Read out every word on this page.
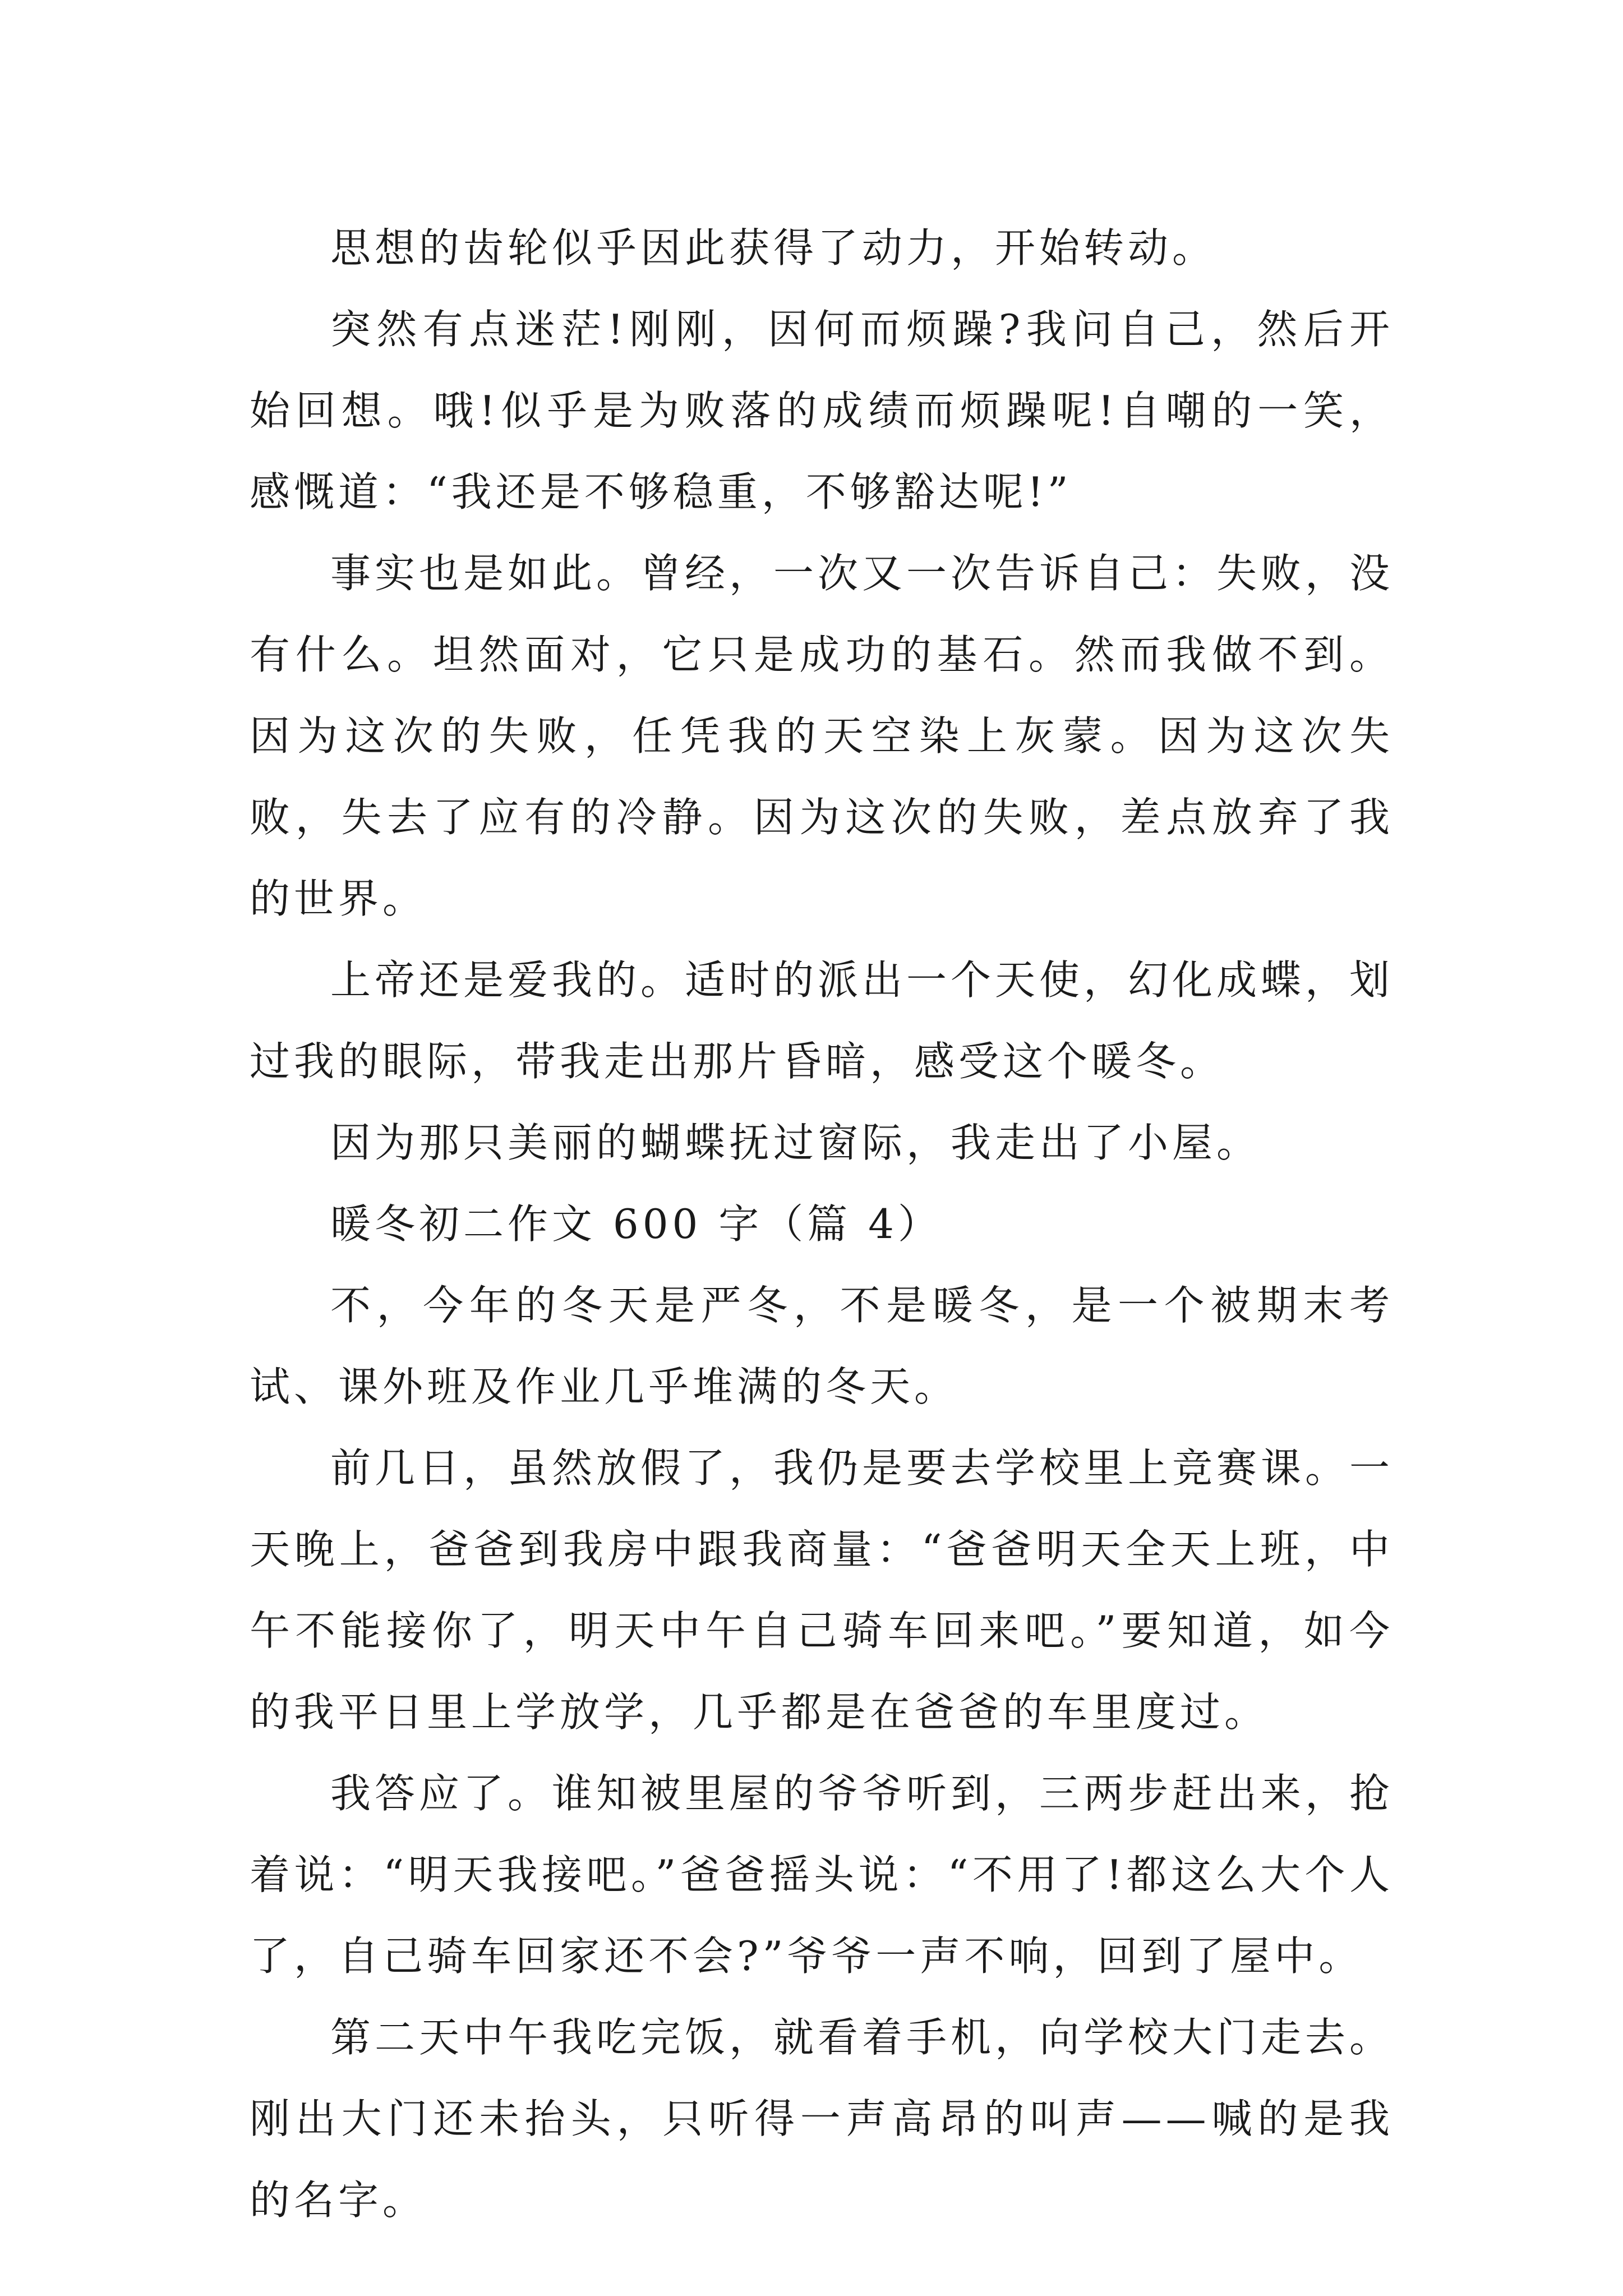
思想的齿轮似乎因此获得了动力，开始转动。

突然有点迷茫!刚刚，因何而烦躁?我问自己，然后开始回想。哦!似乎是为败落的成绩而烦躁呢!自嘲的一笑，感慨道：“我还是不够稳重，不够豁达呢!”

事实也是如此。曾经，一次又一次告诉自己：失败，没有什么。坦然面对，它只是成功的基石。然而我做不到。因为这次的失败，任凭我的天空染上灰蒙。因为这次失败，失去了应有的冷静。因为这次的失败，差点放弃了我的世界。

上帝还是爱我的。适时的派出一个天使，幻化成蝶，划过我的眼际，带我走出那片昏暗，感受这个暖冬。

因为那只美丽的蝴蝶抚过窗际，我走出了小屋。

暖冬初二作文 600 字（篇 4）

不，今年的冬天是严冬，不是暖冬，是一个被期末考试、课外班及作业几乎堆满的冬天。

前几日，虽然放假了，我仍是要去学校里上竞赛课。一天晚上，爸爸到我房中跟我商量：“爸爸明天全天上班，中午不能接你了，明天中午自己骑车回来吧。”要知道，如今的我平日里上学放学，几乎都是在爸爸的车里度过。

我答应了。谁知被里屋的爷爷听到，三两步赶出来，抢着说：“明天我接吧。”爸爸摇头说：“不用了!都这么大个人了，自己骑车回家还不会?”爷爷一声不响，回到了屋中。

第二天中午我吃完饭，就看着手机，向学校大门走去。刚出大门还未抬头，只听得一声高昂的叫声——喊的是我的名字。
